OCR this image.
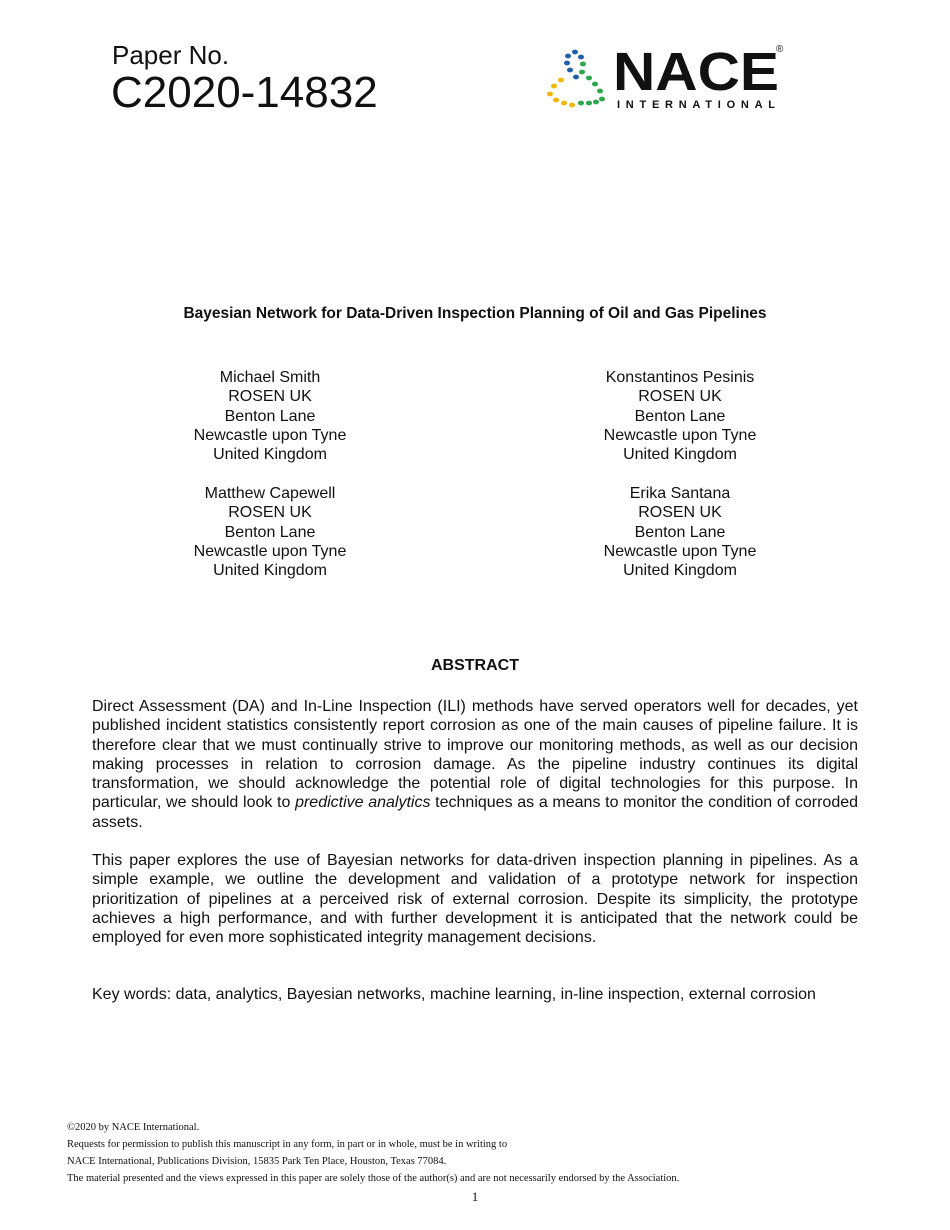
Paper No.
C2020-14832	NACE
®
INTERNATIONAL
Bayesian Network for Data-Driven Inspection Planning of Oil and Gas Pipelines
Michael Smith
ROSEN UK
Benton Lane
Newcastle upon Tyne
United Kingdom
Konstantinos Pesinis
ROSEN UK
Benton Lane
Newcastle upon Tyne
United Kingdom
Matthew Capewell
ROSEN UK
Benton Lane
Newcastle upon Tyne
United Kingdom
Erika Santana
ROSEN UK
Benton Lane
Newcastle upon Tyne
United Kingdom
ABSTRACT
Direct Assessment (DA) and In-Line Inspection (ILI) methods have served operators well for decades, yet published incident statistics consistently report corrosion as one of the main causes of pipeline failure. It is therefore clear that we must continually strive to improve our monitoring methods, as well as our decision making processes in relation to corrosion damage. As the pipeline industry continues its digital transformation, we should acknowledge the potential role of digital technologies for this purpose. In particular, we should look to predictive analytics techniques as a means to monitor the condition of corroded assets.
This paper explores the use of Bayesian networks for data-driven inspection planning in pipelines. As a simple example, we outline the development and validation of a prototype network for inspection prioritization of pipelines at a perceived risk of external corrosion. Despite its simplicity, the prototype achieves a high performance, and with further development it is anticipated that the network could be employed for even more sophisticated integrity management decisions.
Key words: data, analytics, Bayesian networks, machine learning, in-line inspection, external corrosion
©2020 by NACE International.
Requests for permission to publish this manuscript in any form, in part or in whole, must be in writing to
NACE International, Publications Division, 15835 Park Ten Place, Houston, Texas 77084.
The material presented and the views expressed in this paper are solely those of the author(s) and are not necessarily endorsed by the Association.
1
